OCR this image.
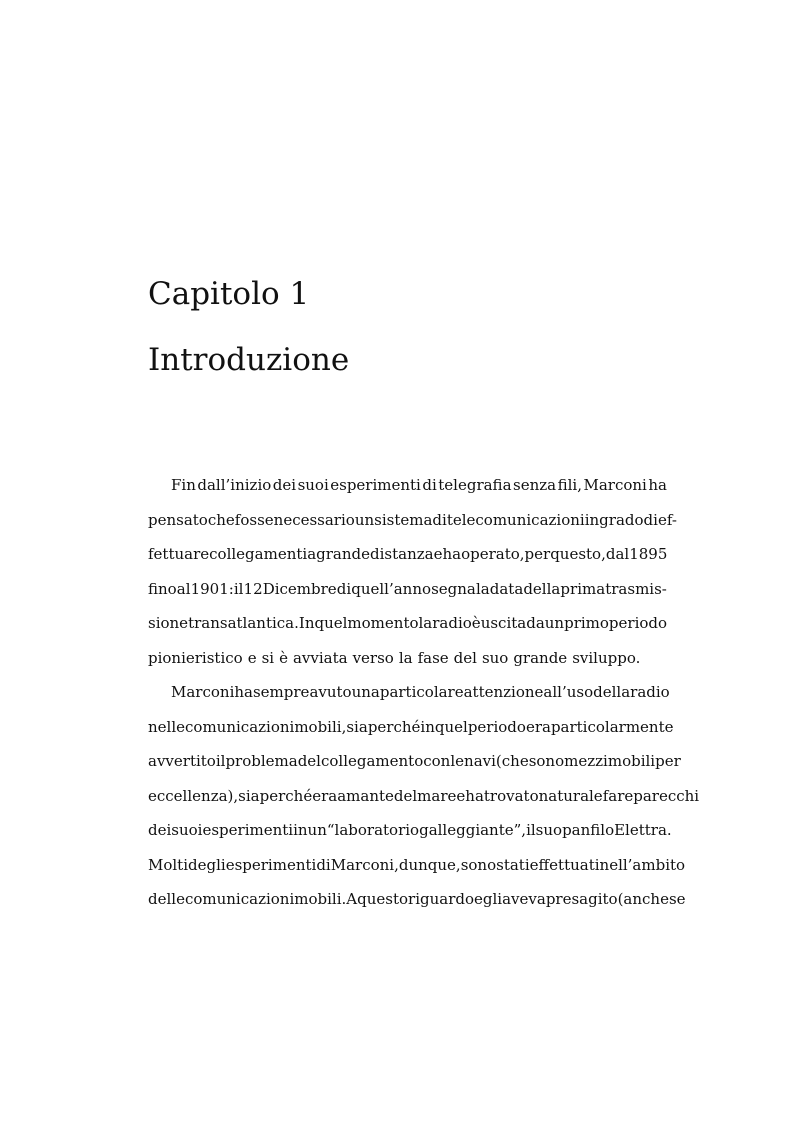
Capitolo 1
Introduzione
Fin dall’inizio dei suoi esperimenti di telegrafia senza fili, Marconi ha
pensato che fosse necessario un sistema di telecomunicazioni in grado di ef-
fettuare collegamenti a grande distanza e ha operato, per questo, dal 1895
fino al 1901: il 12 Dicembre di quell’anno segna la data della prima trasmis-
sione transatlantica. In quel momento la radio è uscita da un primo periodo
pionieristico e si è avviata verso la fase del suo grande sviluppo.
Marconi ha sempre avuto una particolare attenzione all’uso della radio
nelle comunicazioni mobili, sia perché in quel periodo era particolarmente
avvertito il problema del collegamento con le navi (che sono mezzi mobili per
eccellenza), sia perché era amante del mare e ha trovato naturale fare parecchi
dei suoi esperimenti in un “laboratorio galleggiante”, il suo panfilo Elettra.
Molti degli esperimenti di Marconi, dunque, sono stati effettuati nell’ambito
delle comunicazioni mobili. A questo riguardo egli aveva presagito (anche se
